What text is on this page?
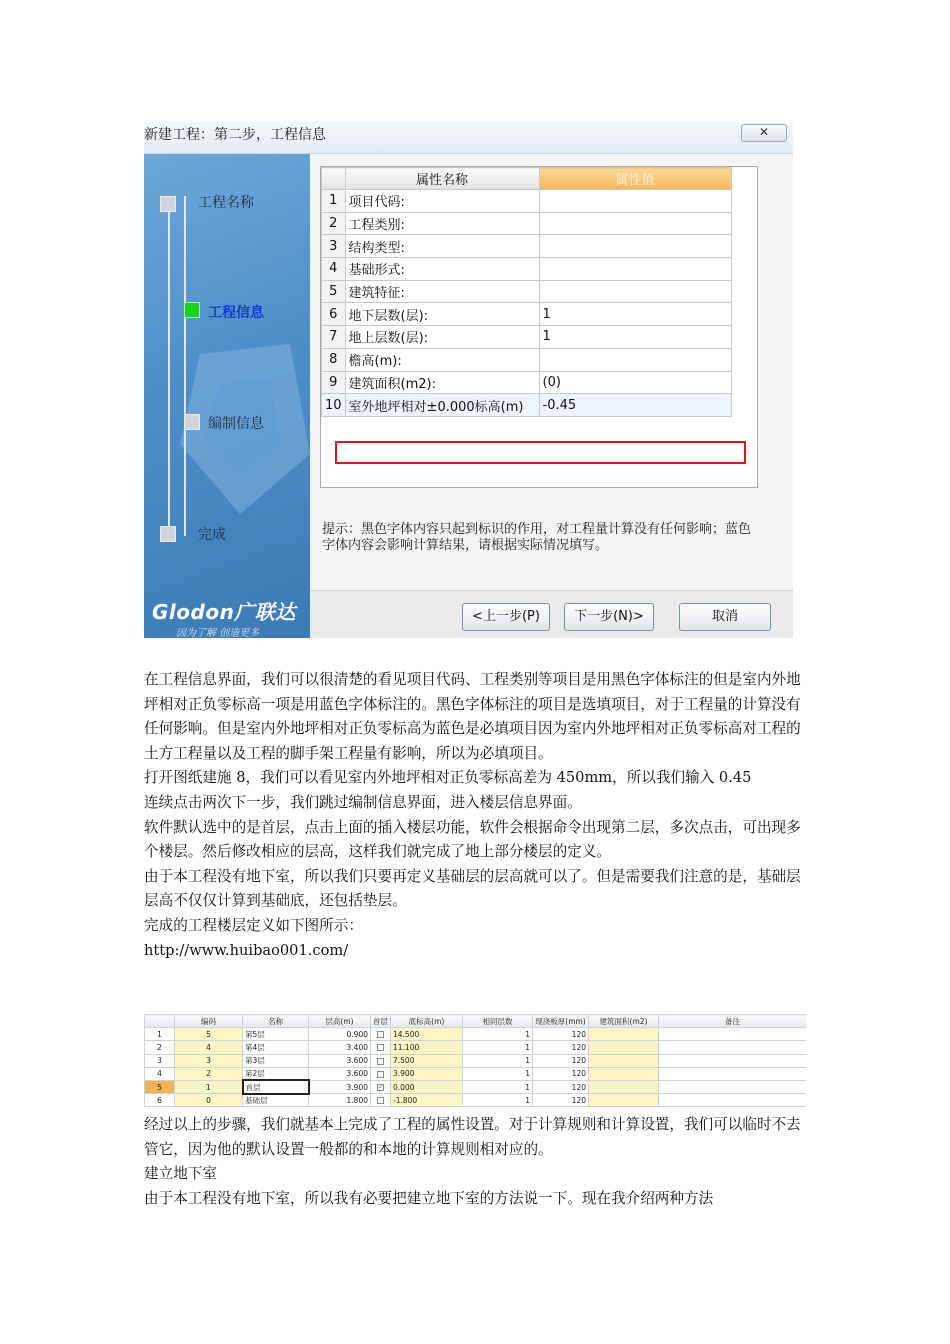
新建工程：第二步，工程信息	✕
工程名称
工程信息
编制信息
完成
Glodon广联达
因为了解 创造更多
	属性名称	属性值
1	项目代码:	
2	工程类别:	
3	结构类型:	
4	基础形式:	
5	建筑特征:	
6	地下层数(层):	1
7	地上层数(层):	1
8	檐高(m):	
9	建筑面积(m2):	(0)
10	室外地坪相对±0.000标高(m)	-0.45
提示：黑色字体内容只起到标识的作用，对工程量计算没有任何影响；蓝色字体内容会影响计算结果，请根据实际情况填写。
<上一步(P)	下一步(N)>	取消

在工程信息界面，我们可以很清楚的看见项目代码、工程类别等项目是用黑色字体标注的但是室内外地坪相对正负零标高一项是用蓝色字体标注的。黑色字体标注的项目是选填项目，对于工程量的计算没有任何影响。但是室内外地坪相对正负零标高为蓝色是必填项目因为室内外地坪相对正负零标高对工程的土方工程量以及工程的脚手架工程量有影响，所以为必填项目。

打开图纸建施 8，我们可以看见室内外地坪相对正负零标高差为 450mm，所以我们输入 0.45

连续点击两次下一步，我们跳过编制信息界面，进入楼层信息界面。

软件默认选中的是首层，点击上面的插入楼层功能，软件会根据命令出现第二层，多次点击，可出现多个楼层。然后修改相应的层高，这样我们就完成了地上部分楼层的定义。

由于本工程没有地下室，所以我们只要再定义基础层的层高就可以了。但是需要我们注意的是，基础层层高不仅仅计算到基础底，还包括垫层。

完成的工程楼层定义如下图所示：

http://www.huibao001.com/

	编码	名称	层高(m)	首层	底标高(m)	相同层数	现浇板厚(mm)	建筑面积(m2)	备注
1	5	第5层	0.900		14.500	1	120		
2	4	第4层	3.400		11.100	1	120		
3	3	第3层	3.600		7.500	1	120		
4	2	第2层	3.600		3.900	1	120		
5	1	首层	3.900	✓	0.000	1	120		
6	0	基础层	1.800		-1.800	1	120		

经过以上的步骤，我们就基本上完成了工程的属性设置。对于计算规则和计算设置，我们可以临时不去管它，因为他的默认设置一般都的和本地的计算规则相对应的。

建立地下室

由于本工程没有地下室，所以我有必要把建立地下室的方法说一下。现在我介绍两种方法
